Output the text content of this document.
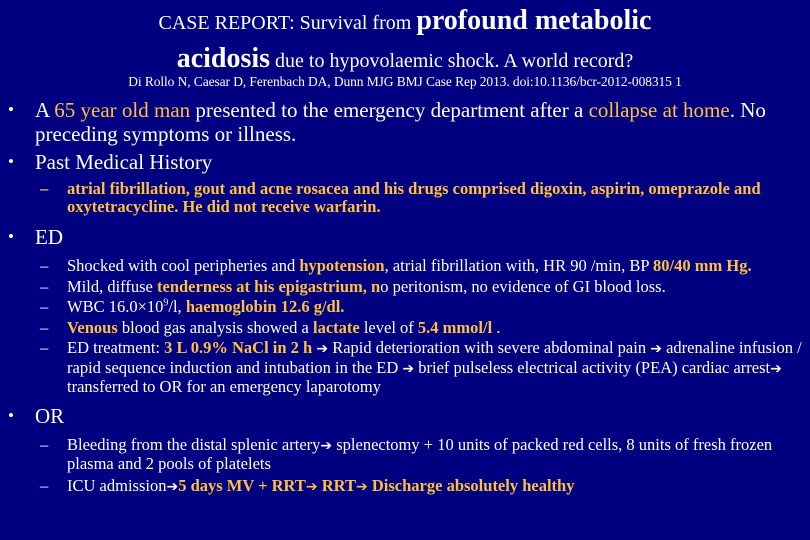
CASE REPORT: Survival from profound metabolic
acidosis due to hypovolaemic shock. A world record?
Di Rollo N, Caesar D, Ferenbach DA, Dunn MJG BMJ Case Rep 2013. doi:10.1136/bcr-2012-008315 1
• A 65 year old man presented to the emergency department after a collapse at home. No preceding symptoms or illness.
• Past Medical History
– atrial fibrillation, gout and acne rosacea and his drugs comprised digoxin, aspirin, omeprazole and oxytetracycline. He did not receive warfarin.
• ED
– Shocked with cool peripheries and hypotension, atrial fibrillation with, HR 90 /min, BP 80/40 mm Hg.
– Mild, diffuse tenderness at his epigastrium, no peritonism, no evidence of GI blood loss.
– WBC $16.0\times 10^9/l$, haemoglobin 12.6 g/dl.
– Venous blood gas analysis showed a lactate level of 5.4 mmol/l .
– ED treatment: 3 L 0.9% NaCl in 2 h ➔ Rapid deterioration with severe abdominal pain ➔ adrenaline infusion / rapid sequence induction and intubation in the ED ➔ brief pulseless electrical activity (PEA) cardiac arrest➔ transferred to OR for an emergency laparotomy
• OR
– Bleeding from the distal splenic artery➔ splenectomy + 10 units of packed red cells, 8 units of fresh frozen plasma and 2 pools of platelets
– ICU admission➔5 days MV + RRT➔ RRT➔ Discharge absolutely healthy
